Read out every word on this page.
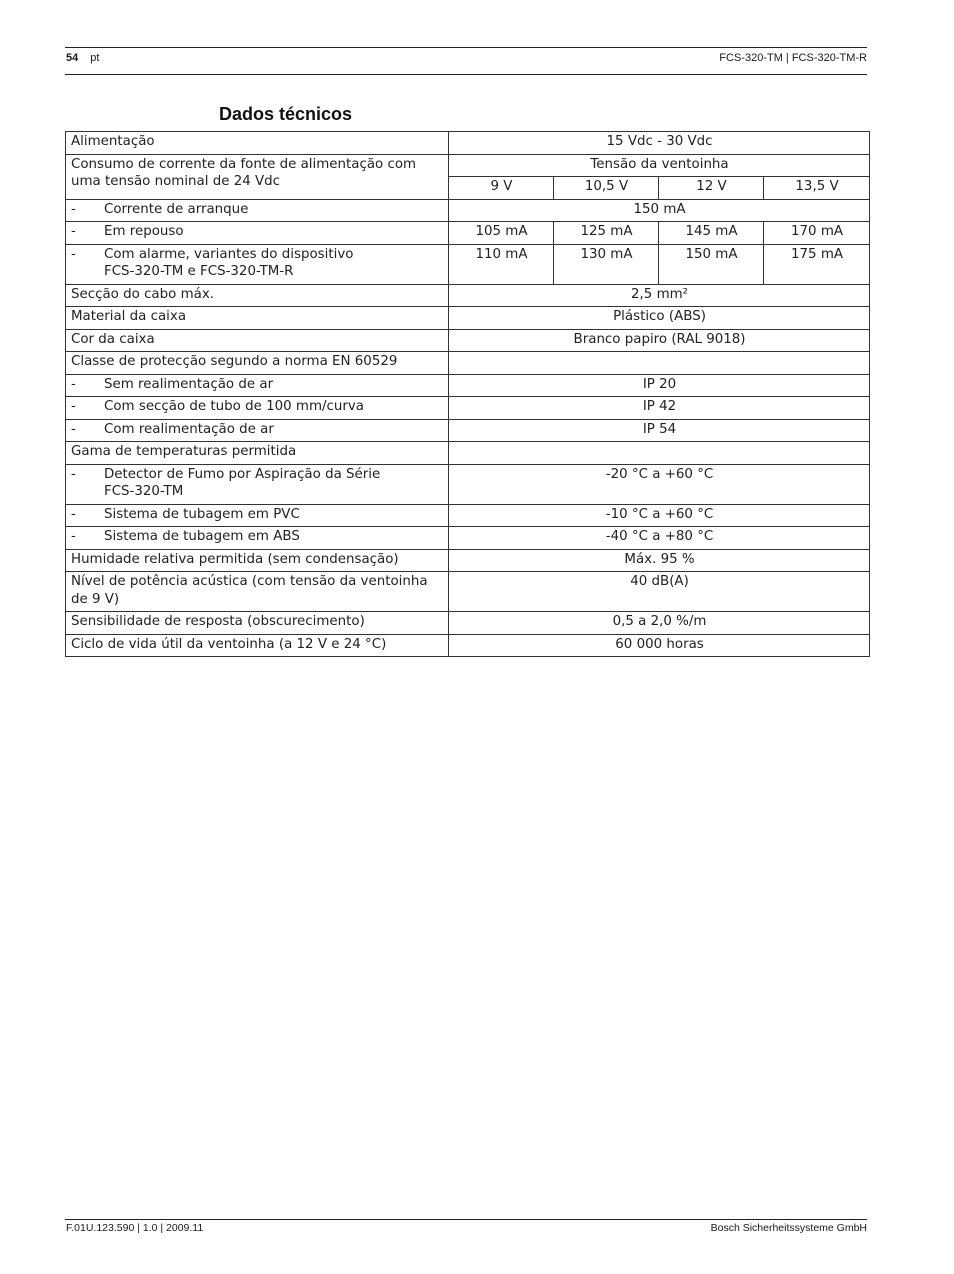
54 pt	FCS-320-TM | FCS-320-TM-R
Dados técnicos
Alimentação	15 Vdc - 30 Vdc			
Consumo de corrente da fonte de alimentação com uma tensão nominal de 24 Vdc	Tensão da ventoinha			
	9 V	10,5 V	12 V	13,5 V
- Corrente de arranque	150 mA			
- Em repouso	105 mA	125 mA	145 mA	170 mA
- Com alarme, variantes do dispositivo
FCS-320-TM e FCS-320-TM-R	110 mA	130 mA	150 mA	175 mA
Secção do cabo máx.	2,5 mm²			
Material da caixa	Plástico (ABS)			
Cor da caixa	Branco papiro (RAL 9018)			
Classe de protecção segundo a norma EN 60529				
- Sem realimentação de ar	IP 20			
- Com secção de tubo de 100 mm/curva	IP 42			
- Com realimentação de ar	IP 54			
Gama de temperaturas permitida				
- Detector de Fumo por Aspiração da Série
FCS-320-TM	-20 °C a +60 °C			
- Sistema de tubagem em PVC	-10 °C a +60 °C			
- Sistema de tubagem em ABS	-40 °C a +80 °C			
Humidade relativa permitida (sem condensação)	Máx. 95 %			
Nível de potência acústica (com tensão da ventoinha de 9 V)	40 dB(A)			
Sensibilidade de resposta (obscurecimento)	0,5 a 2,0 %/m			
Ciclo de vida útil da ventoinha (a 12 V e 24 °C)	60 000 horas			
F.01U.123.590 | 1.0 | 2009.11	Bosch Sicherheitssysteme GmbH
